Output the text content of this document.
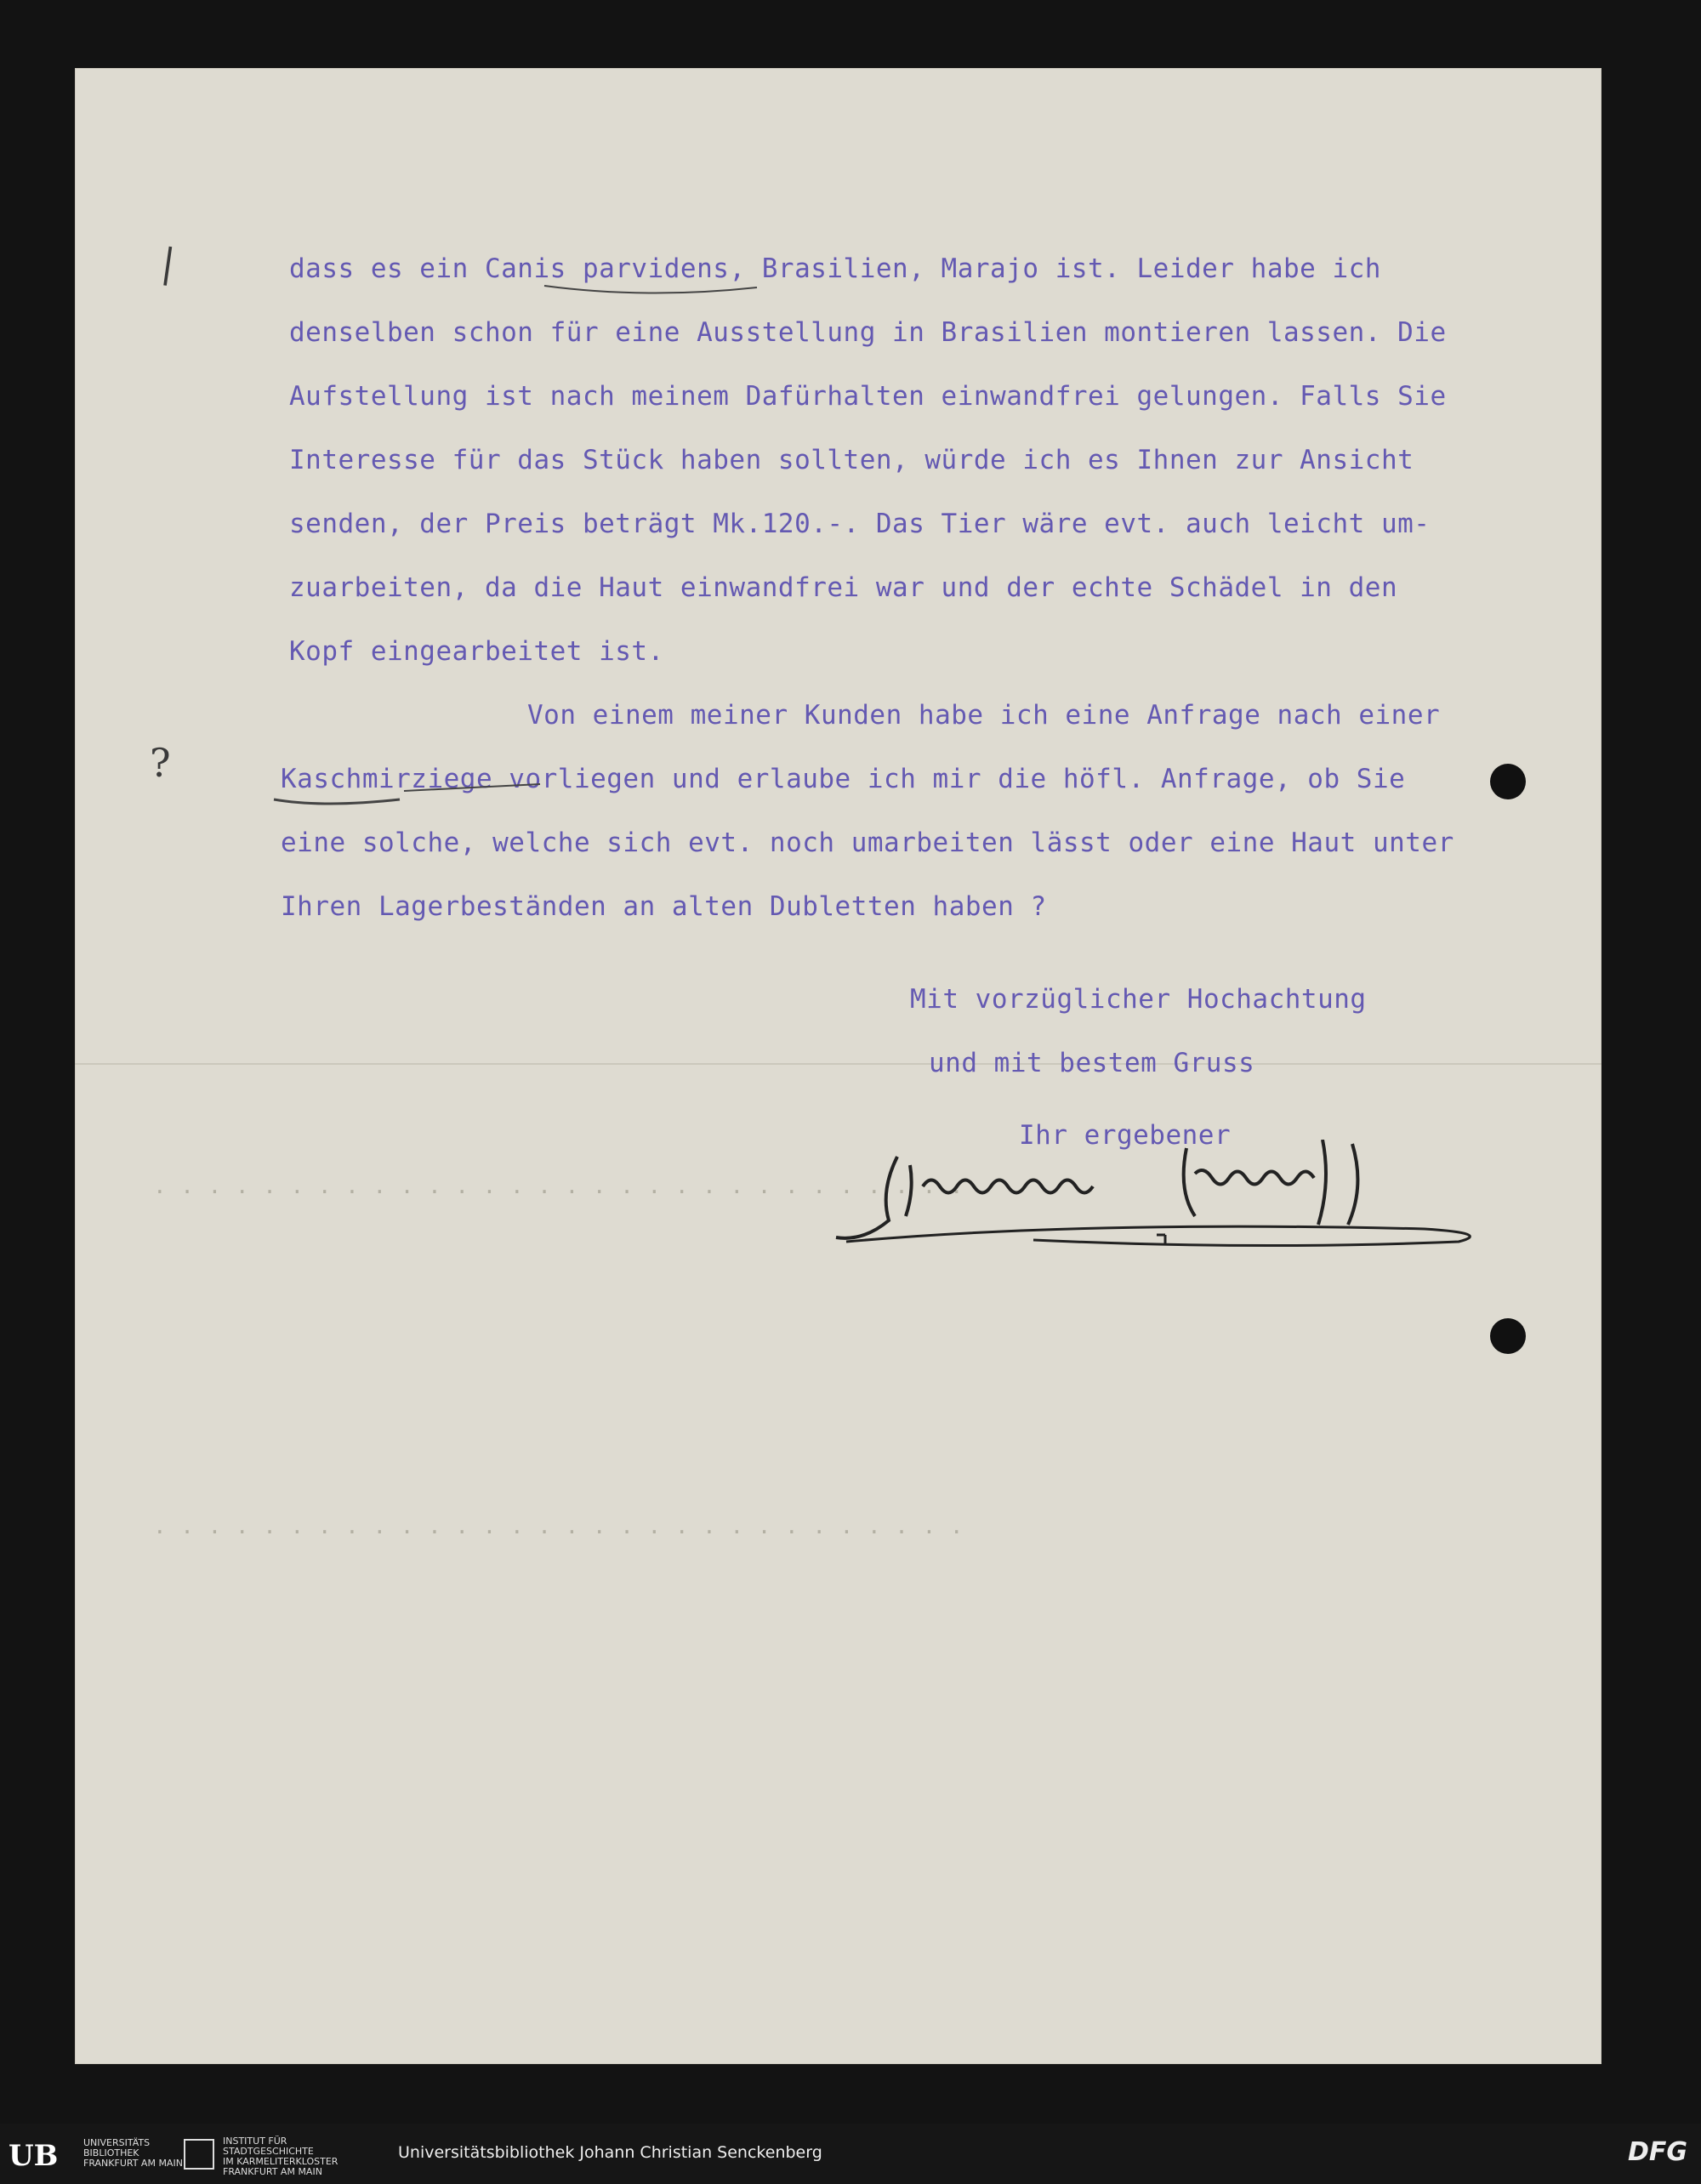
. . . . . . . . . . . . . . . . . . . . . . . . . . . . . .
. . . . . . . . . . . . . . . . . . . . . . . . . . . . . .
|
?
dass es ein Canis parvidens, Brasilien, Marajo ist. Leider habe ich
denselben schon für eine Ausstellung in Brasilien montieren lassen. Die
Aufstellung ist nach meinem Dafürhalten einwandfrei gelungen. Falls Sie
Interesse für das Stück haben sollten, würde ich es Ihnen zur Ansicht
senden, der Preis beträgt Mk.120.-. Das Tier wäre evt. auch leicht um-
zuarbeiten, da die Haut einwandfrei war und der echte Schädel in den
Kopf eingearbeitet ist.
Von einem meiner Kunden habe ich eine Anfrage nach einer
Kaschmirziege vorliegen und erlaube ich mir die höfl. Anfrage, ob Sie
eine solche, welche sich evt. noch umarbeiten lässt oder eine Haut unter
Ihren Lagerbeständen an alten Dubletten haben ?
Mit vorzüglicher Hochachtung
und mit bestem Gruss
Ihr ergebener
UB	UNIVERSITÄTS
BIBLIOTHEK
FRANKFURT AM MAIN
INSTITUT FÜR
STADTGESCHICHTE
IM KARMELITERKLOSTER
FRANKFURT AM MAIN
Universitätsbibliothek Johann Christian Senckenberg	DFG
